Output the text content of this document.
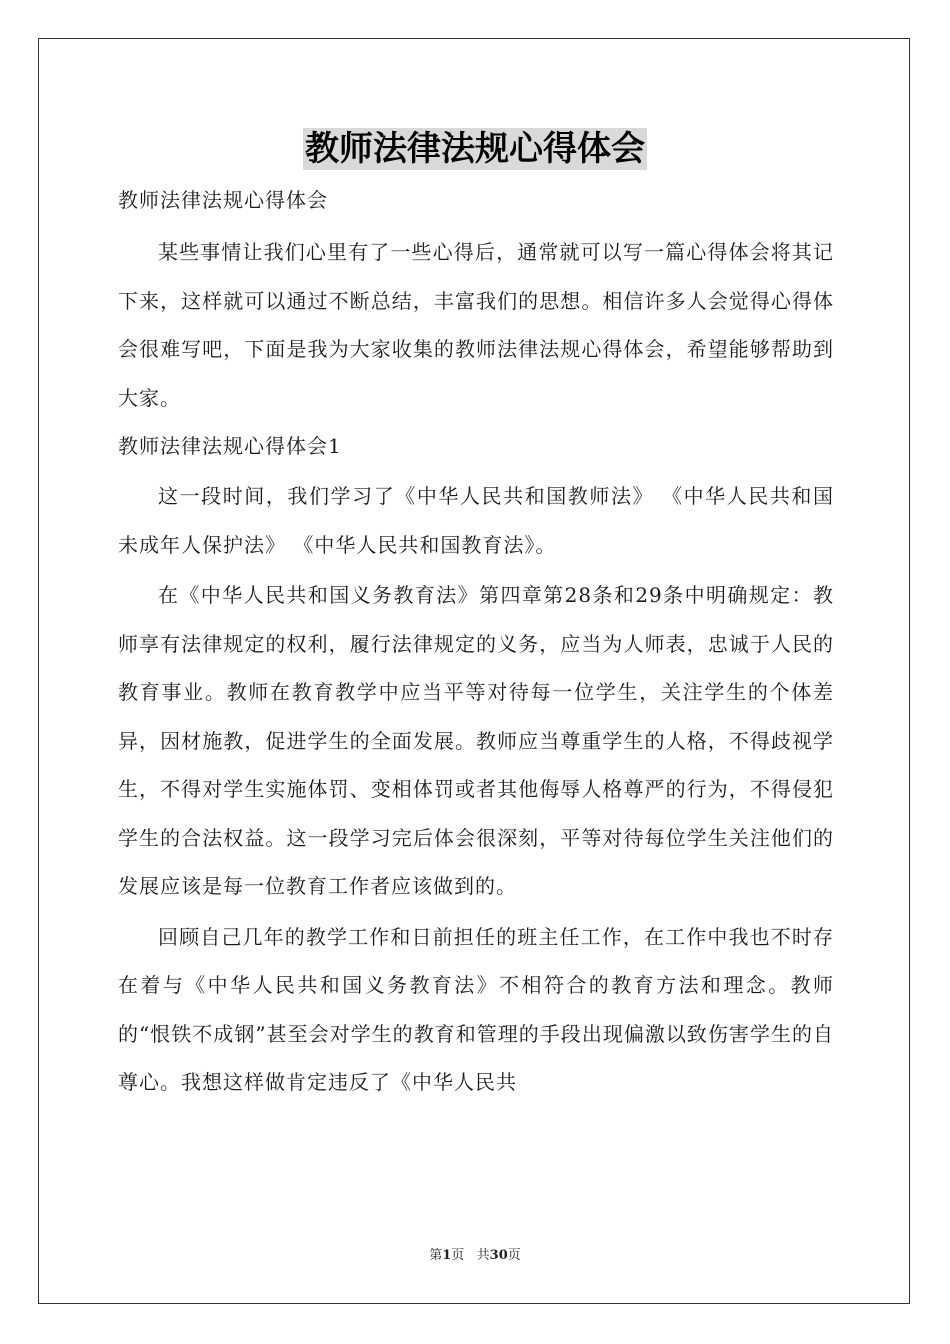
教师法律法规心得体会

教师法律法规心得体会

某些事情让我们心里有了一些心得后，通常就可以写一篇心得体会将其记下来，这样就可以通过不断总结，丰富我们的思想。相信许多人会觉得心得体会很难写吧，下面是我为大家收集的教师法律法规心得体会，希望能够帮助到大家。

教师法律法规心得体会1

这一段时间，我们学习了《中华人民共和国教师法》 《中华人民共和国未成年人保护法》 《中华人民共和国教育法》。

在《中华人民共和国义务教育法》第四章第28条和29条中明确规定：教师享有法律规定的权利，履行法律规定的义务，应当为人师表，忠诚于人民的教育事业。教师在教育教学中应当平等对待每一位学生，关注学生的个体差异，因材施教，促进学生的全面发展。教师应当尊重学生的人格，不得歧视学生，不得对学生实施体罚、变相体罚或者其他侮辱人格尊严的行为，不得侵犯学生的合法权益。这一段学习完后体会很深刻，平等对待每位学生关注他们的发展应该是每一位教育工作者应该做到的。

回顾自己几年的教学工作和日前担任的班主任工作，在工作中我也不时存在着与《中华人民共和国义务教育法》不相符合的教育方法和理念。教师的“恨铁不成钢”甚至会对学生的教育和管理的手段出现偏激以致伤害学生的自尊心。我想这样做肯定违反了《中华人民共

第1页   共30页
